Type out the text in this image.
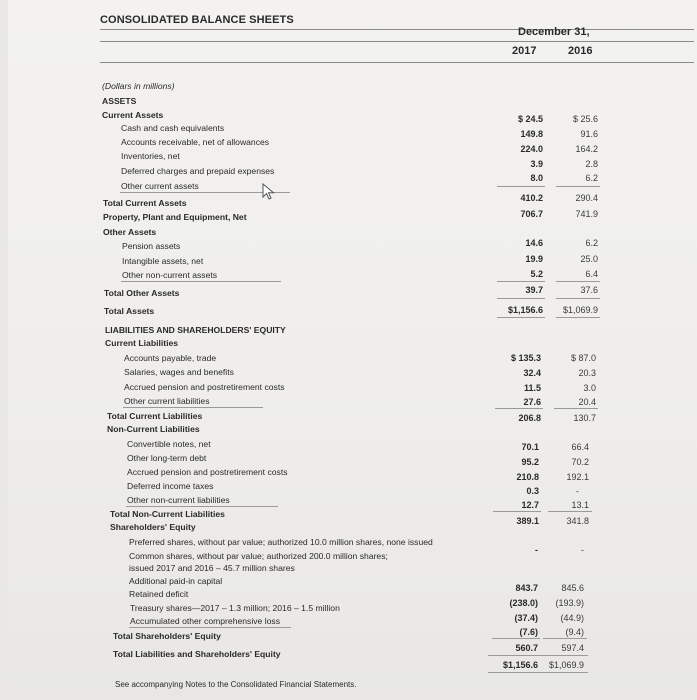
CONSOLIDATED BALANCE SHEETS
December 31,
2017	2016
(Dollars in millions)
ASSETS
Current Assets
Cash and cash equivalents
Accounts receivable, net of allowances
Inventories, net
Deferred charges and prepaid expenses
Other current assets
Total Current Assets
Property, Plant and Equipment, Net
Other Assets
Pension assets
Intangible assets, net
Other non-current assets
Total Other Assets
Total Assets
LIABILITIES AND SHAREHOLDERS' EQUITY
Current Liabilities
Accounts payable, trade
Salaries, wages and benefits
Accrued pension and postretirement costs
Other current liabilities
Total Current Liabilities
Non-Current Liabilities
Convertible notes, net
Other long-term debt
Accrued pension and postretirement costs
Deferred income taxes
Other non-current liabilities
Total Non-Current Liabilities
Shareholders' Equity
Preferred shares, without par value; authorized 10.0 million shares, none issued
Common shares, without par value; authorized 200.0 million shares;
issued 2017 and 2016 – 45.7 million shares
Additional paid-in capital
Retained deficit
Treasury shares—2017 – 1.3 million; 2016 – 1.5 million
Accumulated other comprehensive loss
Total Shareholders' Equity
Total Liabilities and Shareholders' Equity
See accompanying Notes to the Consolidated Financial Statements.
$ 24.5
149.8
224.0
3.9
8.0
410.2
706.7
14.6
19.9
5.2
39.7
$1,156.6
$ 135.3
32.4
11.5
27.6
206.8
70.1
95.2
210.8
0.3
12.7
389.1
-
843.7
(238.0)
(37.4)
(7.6)
560.7
$1,156.6
$ 25.6
91.6
164.2
2.8
6.2
290.4
741.9
6.2
25.0
6.4
37.6
$1,069.9
$ 87.0
20.3
3.0
20.4
130.7
66.4
70.2
192.1
-
13.1
341.8
-
845.6
(193.9)
(44.9)
(9.4)
597.4
$1,069.9
